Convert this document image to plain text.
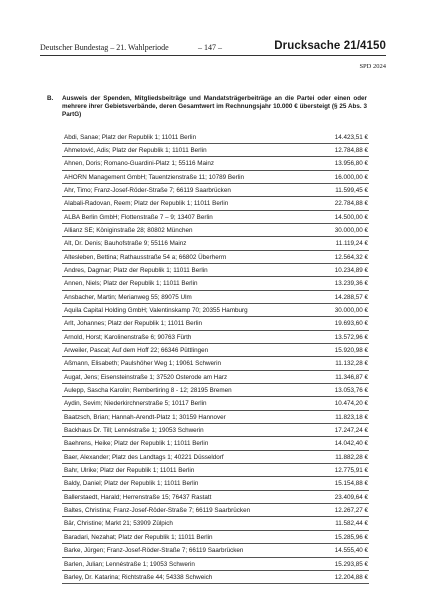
Deutscher Bundestag – 21. Wahlperiode	– 147 –	Drucksache 21/4150
SPD 2024
B. Ausweis der Spenden, Mitgliedsbeiträge und Mandatsträgerbeiträge an die Partei oder einen oder mehrere ihrer Gebietsverbände, deren Gesamtwert im Rechnungsjahr 10.000 € übersteigt (§ 25 Abs. 3 PartG)
Abdi, Sanae; Platz der Republik 1; 11011 Berlin	14.423,51 €
Ahmetović, Adis; Platz der Republik 1; 11011 Berlin	12.784,88 €
Ahnen, Doris; Romano-Guardini-Platz 1; 55116 Mainz	13.956,80 €
AHORN Management GmbH; Tauentzienstraße 11; 10789 Berlin	16.000,00 €
Ahr, Timo; Franz-Josef-Röder-Straße 7; 66119 Saarbrücken	11.599,45 €
Alabali-Radovan, Reem; Platz der Republik 1; 11011 Berlin	22.784,88 €
ALBA Berlin GmbH; Flottenstraße 7 – 9; 13407 Berlin	14.500,00 €
Allianz SE; Königinstraße 28; 80802 München	30.000,00 €
Alt, Dr. Denis; Bauhofstraße 9; 55116 Mainz	11.119,24 €
Altesleben, Bettina; Rathausstraße 54 a; 66802 Überherrn	12.564,32 €
Andres, Dagmar; Platz der Republik 1; 11011 Berlin	10.234,89 €
Annen, Niels; Platz der Republik 1; 11011 Berlin	13.239,36 €
Ansbacher, Martin; Merianweg 55; 89075 Ulm	14.288,57 €
Aquila Capital Holding GmbH; Valentinskamp 70; 20355 Hamburg	30.000,00 €
Arlt, Johannes; Platz der Republik 1; 11011 Berlin	19.693,60 €
Arnold, Horst; Karolinenstraße 6; 90763 Fürth	13.572,96 €
Arweiler, Pascal; Auf dem Hoff 22; 66346 Püttlingen	15.920,98 €
Aßmann, Elisabeth; Paulshöher Weg 1; 19061 Schwerin	11.132,28 €
Augat, Jens; Eisensteinstraße 1; 37520 Osterode am Harz	11.346,87 €
Aulepp, Sascha Karolin; Rembertiring 8 - 12; 28195 Bremen	13.053,76 €
Aydin, Sevim; Niederkirchnerstraße 5; 10117 Berlin	10.474,20 €
Baatzsch, Brian; Hannah-Arendt-Platz 1; 30159 Hannover	11.823,18 €
Backhaus Dr. Till; Lennéstraße 1; 19053 Schwerin	17.247,24 €
Baehrens, Heike; Platz der Republik 1; 11011 Berlin	14.042,40 €
Baer, Alexander; Platz des Landtags 1; 40221 Düsseldorf	11.882,28 €
Bahr, Ulrike; Platz der Republik 1; 11011 Berlin	12.775,91 €
Baldy, Daniel; Platz der Republik 1; 11011 Berlin	15.154,88 €
Ballerstaedt, Harald; Herrenstraße 15; 76437 Rastatt	23.409,64 €
Baltes, Christina; Franz-Josef-Röder-Straße 7; 66119 Saarbrücken	12.267,27 €
Bär, Christine; Markt 21; 53909 Zülpich	11.582,44 €
Baradari, Nezahat; Platz der Republik 1; 11011 Berlin	15.285,96 €
Barke, Jürgen; Franz-Josef-Röder-Straße 7; 66119 Saarbrücken	14.555,40 €
Barlen, Julian; Lennéstraße 1; 19053 Schwerin	15.293,85 €
Barley, Dr. Katarina; Richtstraße 44; 54338 Schweich	12.204,88 €
